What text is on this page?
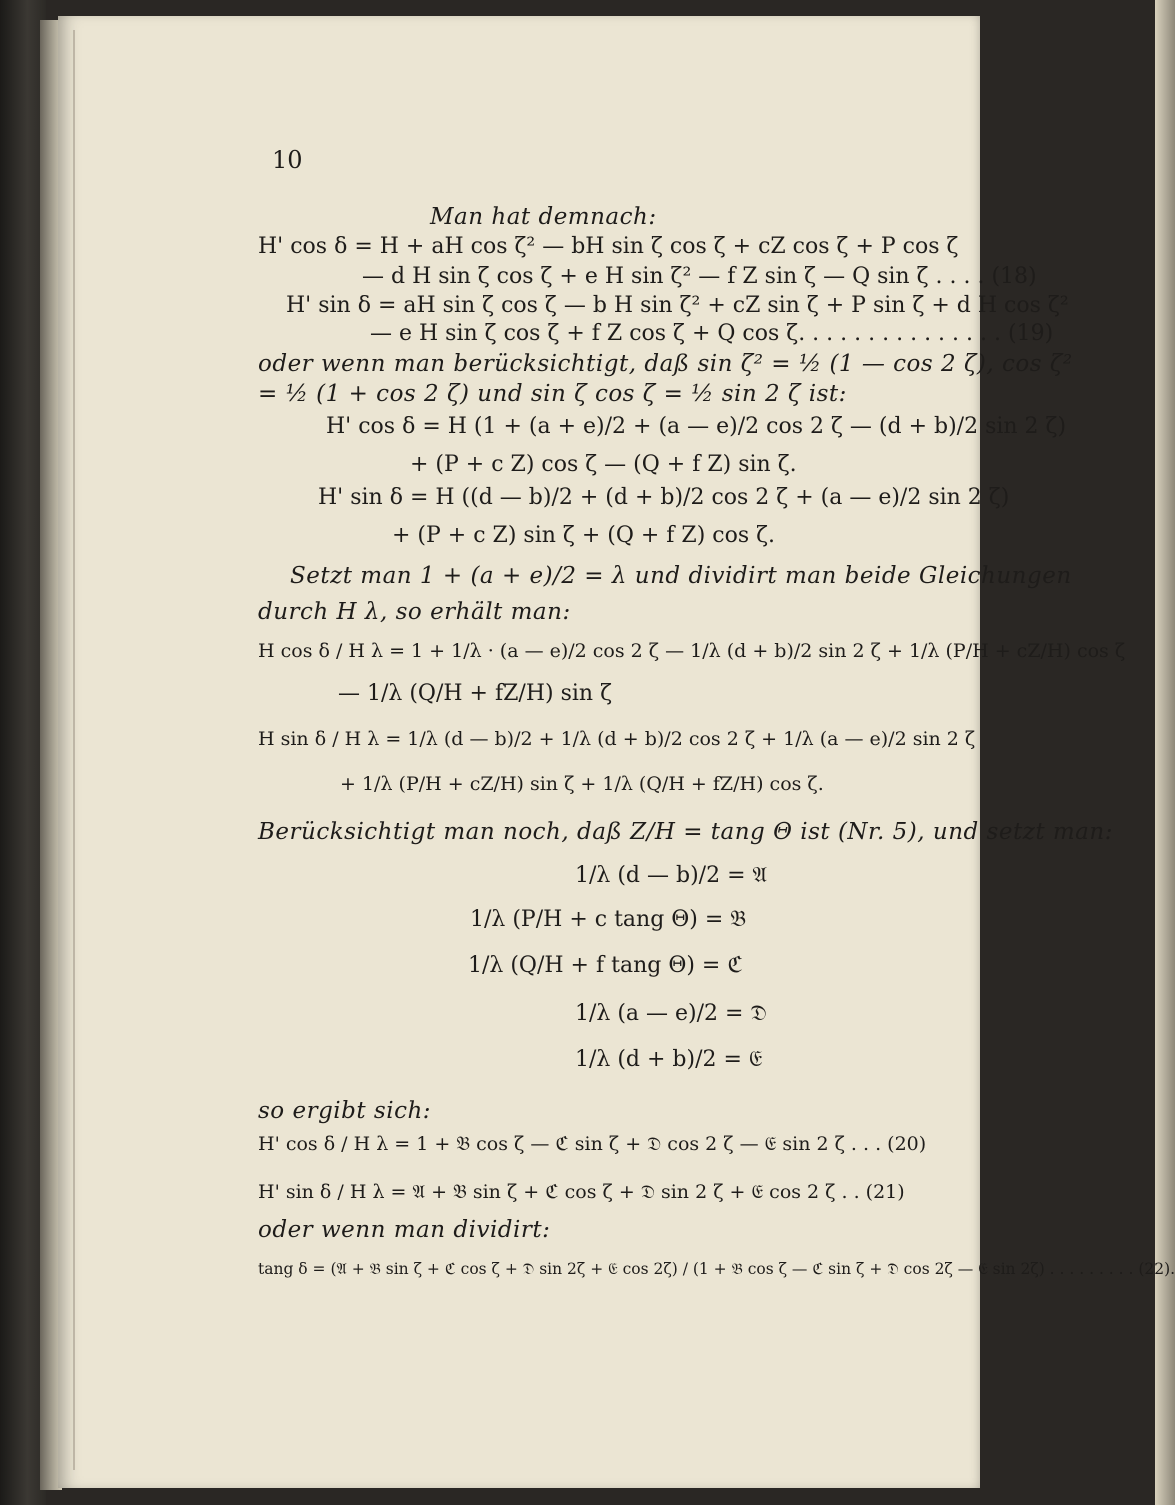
10
Man hat demnach:
H' cos δ = H + aH cos ζ² — bH sin ζ cos ζ + cZ cos ζ + P cos ζ
— d H sin ζ cos ζ + e H sin ζ² — f Z sin ζ — Q sin ζ . . . . (18)
H' sin δ = aH sin ζ cos ζ — b H sin ζ² + cZ sin ζ + P sin ζ + d H cos ζ²
— e H sin ζ cos ζ + f Z cos ζ + Q cos ζ. . . . . . . . . . . . . . . (19)
oder wenn man berücksichtigt, daß sin ζ² = ½ (1 — cos 2 ζ), cos ζ²
= ½ (1 + cos 2 ζ) und sin ζ cos ζ = ½ sin 2 ζ ist:
H' cos δ = H (1 + (a + e)/2 + (a — e)/2 cos 2 ζ — (d + b)/2 sin 2 ζ)
+ (P + c Z) cos ζ — (Q + f Z) sin ζ.
H' sin δ = H ((d — b)/2 + (d + b)/2 cos 2 ζ + (a — e)/2 sin 2 ζ)
+ (P + c Z) sin ζ + (Q + f Z) cos ζ.
Setzt man 1 + (a + e)/2 = λ und dividirt man beide Gleichungen
durch H λ, so erhält man:
H cos δ / H λ = 1 + 1/λ · (a — e)/2 cos 2 ζ — 1/λ (d + b)/2 sin 2 ζ + 1/λ (P/H + cZ/H) cos ζ
— 1/λ (Q/H + fZ/H) sin ζ
H sin δ / H λ = 1/λ (d — b)/2 + 1/λ (d + b)/2 cos 2 ζ + 1/λ (a — e)/2 sin 2 ζ
+ 1/λ (P/H + cZ/H) sin ζ + 1/λ (Q/H + fZ/H) cos ζ.
Berücksichtigt man noch, daß Z/H = tang Θ ist (Nr. 5), und setzt man:
1/λ (d — b)/2 = 𝔄
1/λ (P/H + c tang Θ) = 𝔅
1/λ (Q/H + f tang Θ) = ℭ
1/λ (a — e)/2 = 𝔇
1/λ (d + b)/2 = 𝔈
so ergibt sich:
H' cos δ / H λ = 1 + 𝔅 cos ζ — ℭ sin ζ + 𝔇 cos 2 ζ — 𝔈 sin 2 ζ . . . (20)
H' sin δ / H λ = 𝔄 + 𝔅 sin ζ + ℭ cos ζ + 𝔇 sin 2 ζ + 𝔈 cos 2 ζ . . (21)
oder wenn man dividirt:
tang δ = (𝔄 + 𝔅 sin ζ + ℭ cos ζ + 𝔇 sin 2ζ + 𝔈 cos 2ζ) / (1 + 𝔅 cos ζ — ℭ sin ζ + 𝔇 cos 2ζ — 𝔈 sin 2ζ) . . . . . . . . . (22).
